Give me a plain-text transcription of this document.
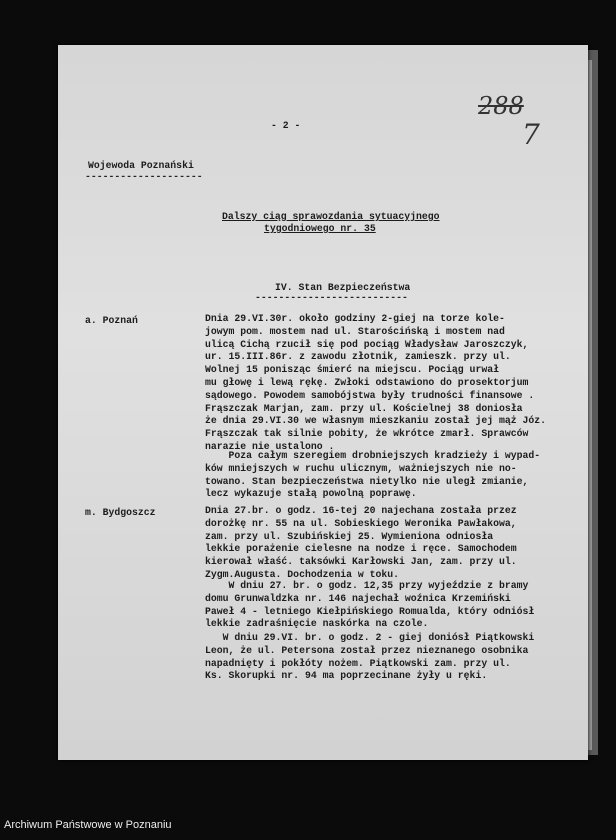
- 2 -
288
7
Wojewoda Poznański
--------------------
Dalszy ciąg sprawozdania sytuacyjnego
tygodniowego nr. 35
IV. Stan Bezpieczeństwa
--------------------------
a. Poznań
m. Bydgoszcz
Dnia 29.VI.30r. około godziny 2-giej na torze kole-
jowym pom. mostem nad ul. Starościńską i mostem nad
ulicą Cichą rzucił się pod pociąg Władysław Jaroszczyk,
ur. 15.III.86r. z zawodu złotnik, zamieszk. przy ul.
Wolnej 15 ponisząc śmierć na miejscu. Pociąg urwał
mu głowę i lewą rękę. Zwłoki odstawiono do prosektorjum
sądowego. Powodem samobójstwa były trudności finansowe .
Frąszczak Marjan, zam. przy ul. Kościelnej 38 doniosła
że dnia 29.VI.30 we własnym mieszkaniu został jej mąż Józ.
Frąszczak tak silnie pobity, że wkrótce zmarł. Sprawców
narazie nie ustalono .
Poza całym szeregiem drobniejszych kradzieży i wypad-
ków mniejszych w ruchu ulicznym, ważniejszych nie no-
towano. Stan bezpieczeństwa nietylko nie uległ zmianie,
lecz wykazuje stałą powolną poprawę.
Dnia 27.br. o godz. 16-tej 20 najechana została przez
dorożkę nr. 55 na ul. Sobieskiego Weronika Pawłakowa,
zam. przy ul. Szubińskiej 25. Wymieniona odniosła
lekkie porażenie cielesne na nodze i ręce. Samochodem
kierował właść. taksówki Karłowski Jan, zam. przy ul.
Zygm.Augusta. Dochodzenia w toku.
W dniu 27. br. o godz. 12,35 przy wyjeździe z bramy
domu Grunwaldzka nr. 146 najechał woźnica Krzemiński
Paweł 4 - letniego Kiełpińskiego Romualda, który odniósł
lekkie zadraśnięcie naskórka na czole.
W dniu 29.VI. br. o godz. 2 - giej doniósł Piątkowski
Leon, że ul. Petersona został przez nieznanego osobnika
napadnięty i pokłóty nożem. Piątkowski zam. przy ul.
Ks. Skorupki nr. 94 ma poprzecinane żyły u ręki.
Archiwum Państwowe w Poznaniu
